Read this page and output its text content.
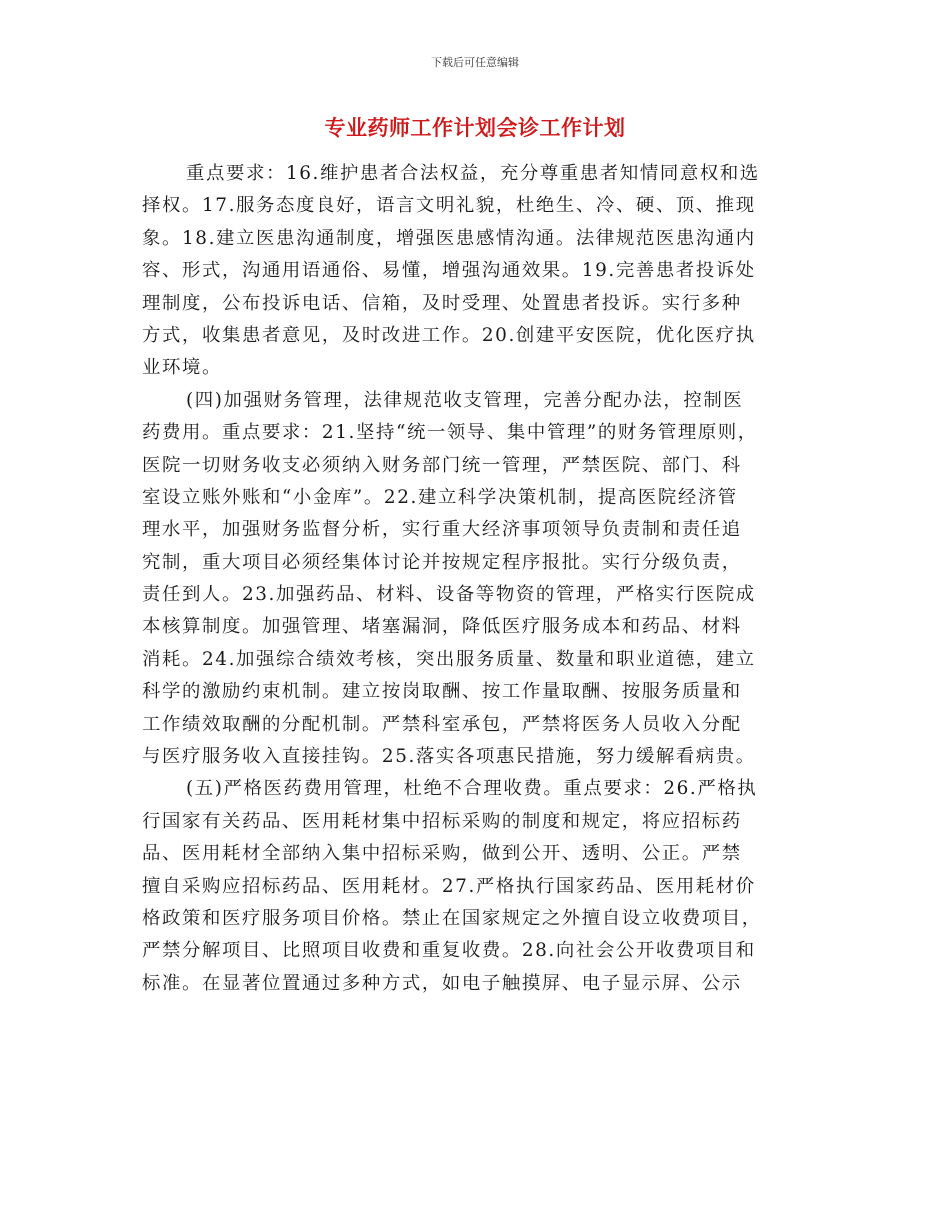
下载后可任意编辑
专业药师工作计划会诊工作计划
重点要求：16.维护患者合法权益，充分尊重患者知情同意权和选
择权。17.服务态度良好，语言文明礼貌，杜绝生、冷、硬、顶、推现
象。18.建立医患沟通制度，增强医患感情沟通。法律规范医患沟通内
容、形式，沟通用语通俗、易懂，增强沟通效果。19.完善患者投诉处
理制度，公布投诉电话、信箱，及时受理、处置患者投诉。实行多种
方式，收集患者意见，及时改进工作。20.创建平安医院，优化医疗执
业环境。
(四)加强财务管理，法律规范收支管理，完善分配办法，控制医
药费用。重点要求：21.坚持“统一领导、集中管理”的财务管理原则，
医院一切财务收支必须纳入财务部门统一管理，严禁医院、部门、科
室设立账外账和“小金库”。22.建立科学决策机制，提高医院经济管
理水平，加强财务监督分析，实行重大经济事项领导负责制和责任追
究制，重大项目必须经集体讨论并按规定程序报批。实行分级负责，
责任到人。23.加强药品、材料、设备等物资的管理，严格实行医院成
本核算制度。加强管理、堵塞漏洞，降低医疗服务成本和药品、材料
消耗。24.加强综合绩效考核，突出服务质量、数量和职业道德，建立
科学的激励约束机制。建立按岗取酬、按工作量取酬、按服务质量和
工作绩效取酬的分配机制。严禁科室承包，严禁将医务人员收入分配
与医疗服务收入直接挂钩。25.落实各项惠民措施，努力缓解看病贵。
(五)严格医药费用管理，杜绝不合理收费。重点要求：26.严格执
行国家有关药品、医用耗材集中招标采购的制度和规定，将应招标药
品、医用耗材全部纳入集中招标采购，做到公开、透明、公正。严禁
擅自采购应招标药品、医用耗材。27.严格执行国家药品、医用耗材价
格政策和医疗服务项目价格。禁止在国家规定之外擅自设立收费项目，
严禁分解项目、比照项目收费和重复收费。28.向社会公开收费项目和
标准。在显著位置通过多种方式，如电子触摸屏、电子显示屏、公示
